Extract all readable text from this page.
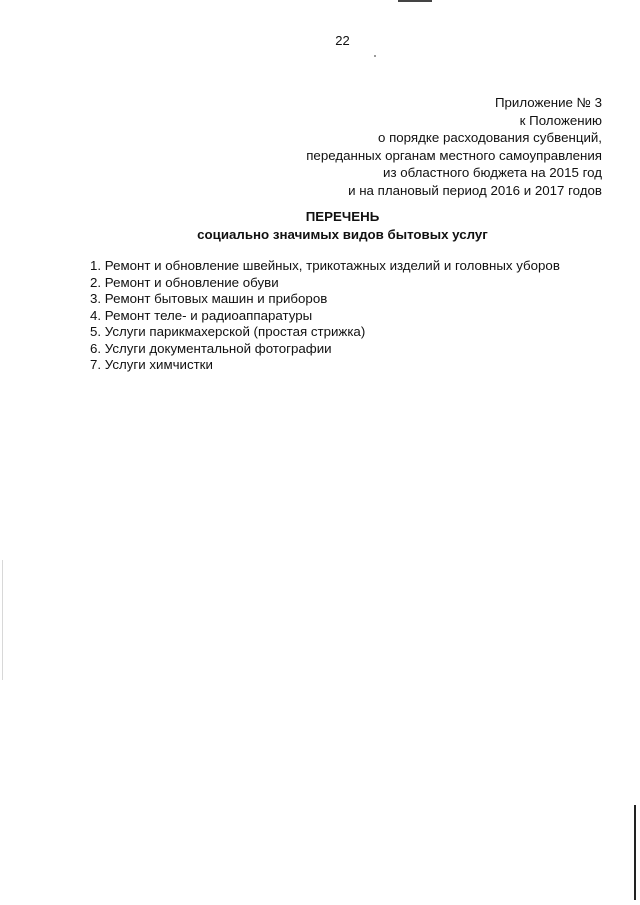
22
Приложение № 3
к Положению
о порядке расходования субвенций,
переданных органам местного самоуправления
из областного бюджета на 2015 год
и на плановый период 2016 и 2017 годов
ПЕРЕЧЕНЬ
социально значимых видов бытовых услуг
1. Ремонт и обновление швейных, трикотажных изделий и головных уборов
2. Ремонт и обновление обуви
3. Ремонт бытовых машин и приборов
4. Ремонт теле- и радиоаппаратуры
5. Услуги парикмахерской (простая стрижка)
6. Услуги документальной фотографии
7. Услуги химчистки
